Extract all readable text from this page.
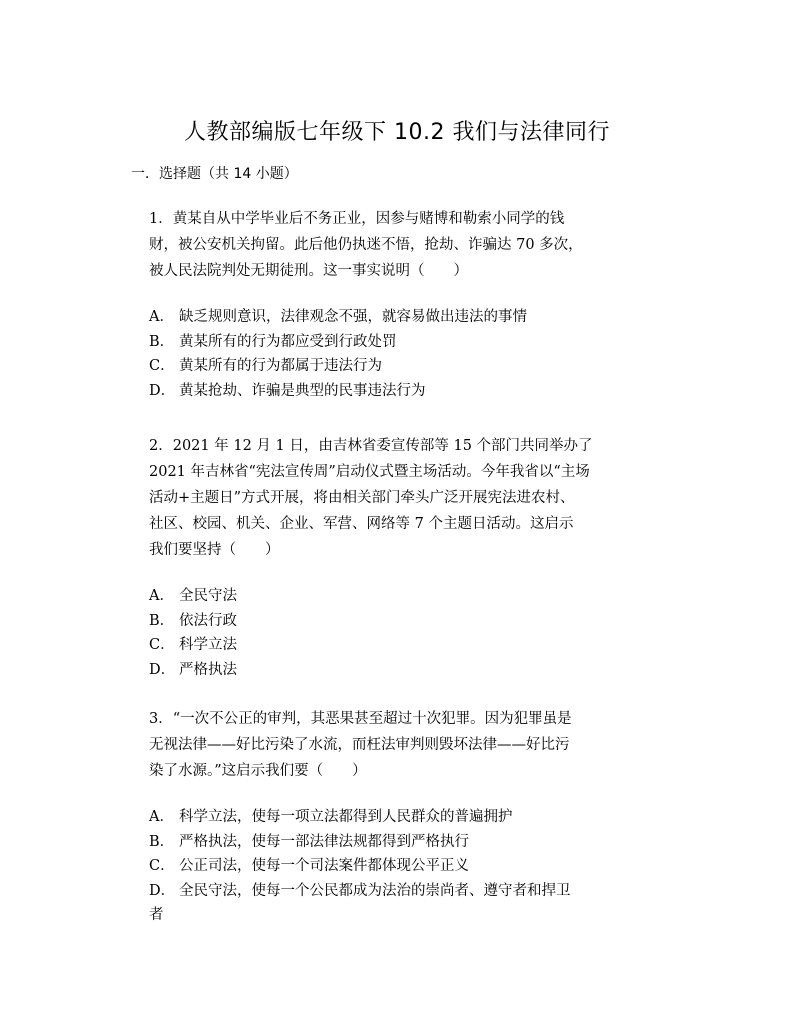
人教部编版七年级下 10.2 我们与法律同行
一．选择题（共 14 小题）

1．黄某自从中学毕业后不务正业，因参与赌博和勒索小同学的钱
财，被公安机关拘留。此后他仍执迷不悟，抢劫、诈骗达 70 多次，
被人民法院判处无期徒刑。这一事实说明（　　）

A． 缺乏规则意识，法律观念不强，就容易做出违法的事情
B． 黄某所有的行为都应受到行政处罚
C． 黄某所有的行为都属于违法行为
D． 黄某抢劫、诈骗是典型的民事违法行为

2．2021 年 12 月 1 日，由吉林省委宣传部等 15 个部门共同举办了
2021 年吉林省“宪法宣传周”启动仪式暨主场活动。今年我省以“主场
活动+主题日”方式开展，将由相关部门牵头广泛开展宪法进农村、
社区、校园、机关、企业、军营、网络等 7 个主题日活动。这启示
我们要坚持（　　）

A． 全民守法
B． 依法行政
C． 科学立法
D． 严格执法

3．“一次不公正的审判，其恶果甚至超过十次犯罪。因为犯罪虽是
无视法律——好比污染了水流，而枉法审判则毁坏法律——好比污
染了水源。”这启示我们要（　　）

A． 科学立法，使每一项立法都得到人民群众的普遍拥护
B． 严格执法，使每一部法律法规都得到严格执行
C． 公正司法，使每一个司法案件都体现公平正义
D． 全民守法，使每一个公民都成为法治的崇尚者、遵守者和捍卫
者
